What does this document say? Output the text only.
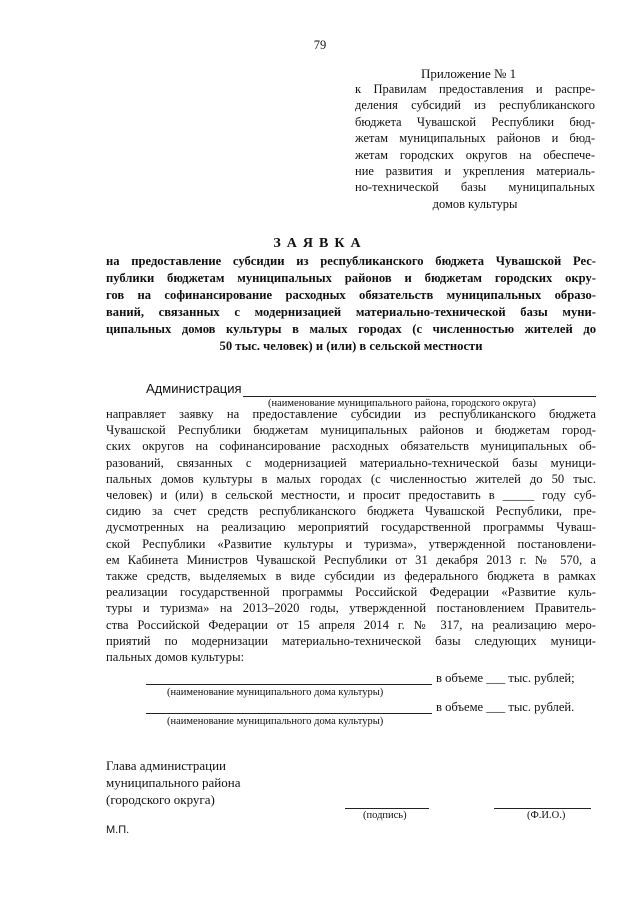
79
Приложение № 1
к Правилам предоставления и распре-
деления субсидий из республиканского
бюджета Чувашской Республики бюд-
жетам муниципальных районов и бюд-
жетам городских округов на обеспече-
ние развития и укрепления материаль-
но-технической базы муниципальных
домов культуры
ЗАЯВКА
на предоставление субсидии из республиканского бюджета Чувашской Рес-
публики бюджетам муниципальных районов и бюджетам городских окру-
гов на софинансирование расходных обязательств муниципальных образо-
ваний, связанных с модернизацией материально-технической базы муни-
ципальных домов культуры в малых городах (с численностью жителей до
50 тыс. человек) и (или) в сельской местности
Администрация
(наименование муниципального района, городского округа)
направляет заявку на предоставление субсидии из республиканского бюджета
Чувашской Республики бюджетам муниципальных районов и бюджетам город-
ских округов на софинансирование расходных обязательств муниципальных об-
разований, связанных с модернизацией материально-технической базы муници-
пальных домов культуры в малых городах (с численностью жителей до 50 тыс.
человек) и (или) в сельской местности, и просит предоставить в _____ году суб-
сидию за счет средств республиканского бюджета Чувашской Республики, пре-
дусмотренных на реализацию мероприятий государственной программы Чуваш-
ской Республики «Развитие культуры и туризма», утвержденной постановлени-
ем Кабинета Министров Чувашской Республики от 31 декабря 2013 г. № 570, а
также средств, выделяемых в виде субсидии из федерального бюджета в рамках
реализации государственной программы Российской Федерации «Развитие куль-
туры и туризма» на 2013–2020 годы, утвержденной постановлением Правитель-
ства Российской Федерации от 15 апреля 2014 г. № 317, на реализацию меро-
приятий по модернизации материально-технической базы следующих муници-
пальных домов культуры:
в объеме ___ тыс. рублей;
(наименование муниципального дома культуры)
в объеме ___ тыс. рублей.
(наименование муниципального дома культуры)
Глава администрации
муниципального района
(городского округа)
(подпись)	(Ф.И.О.)
М.П.
